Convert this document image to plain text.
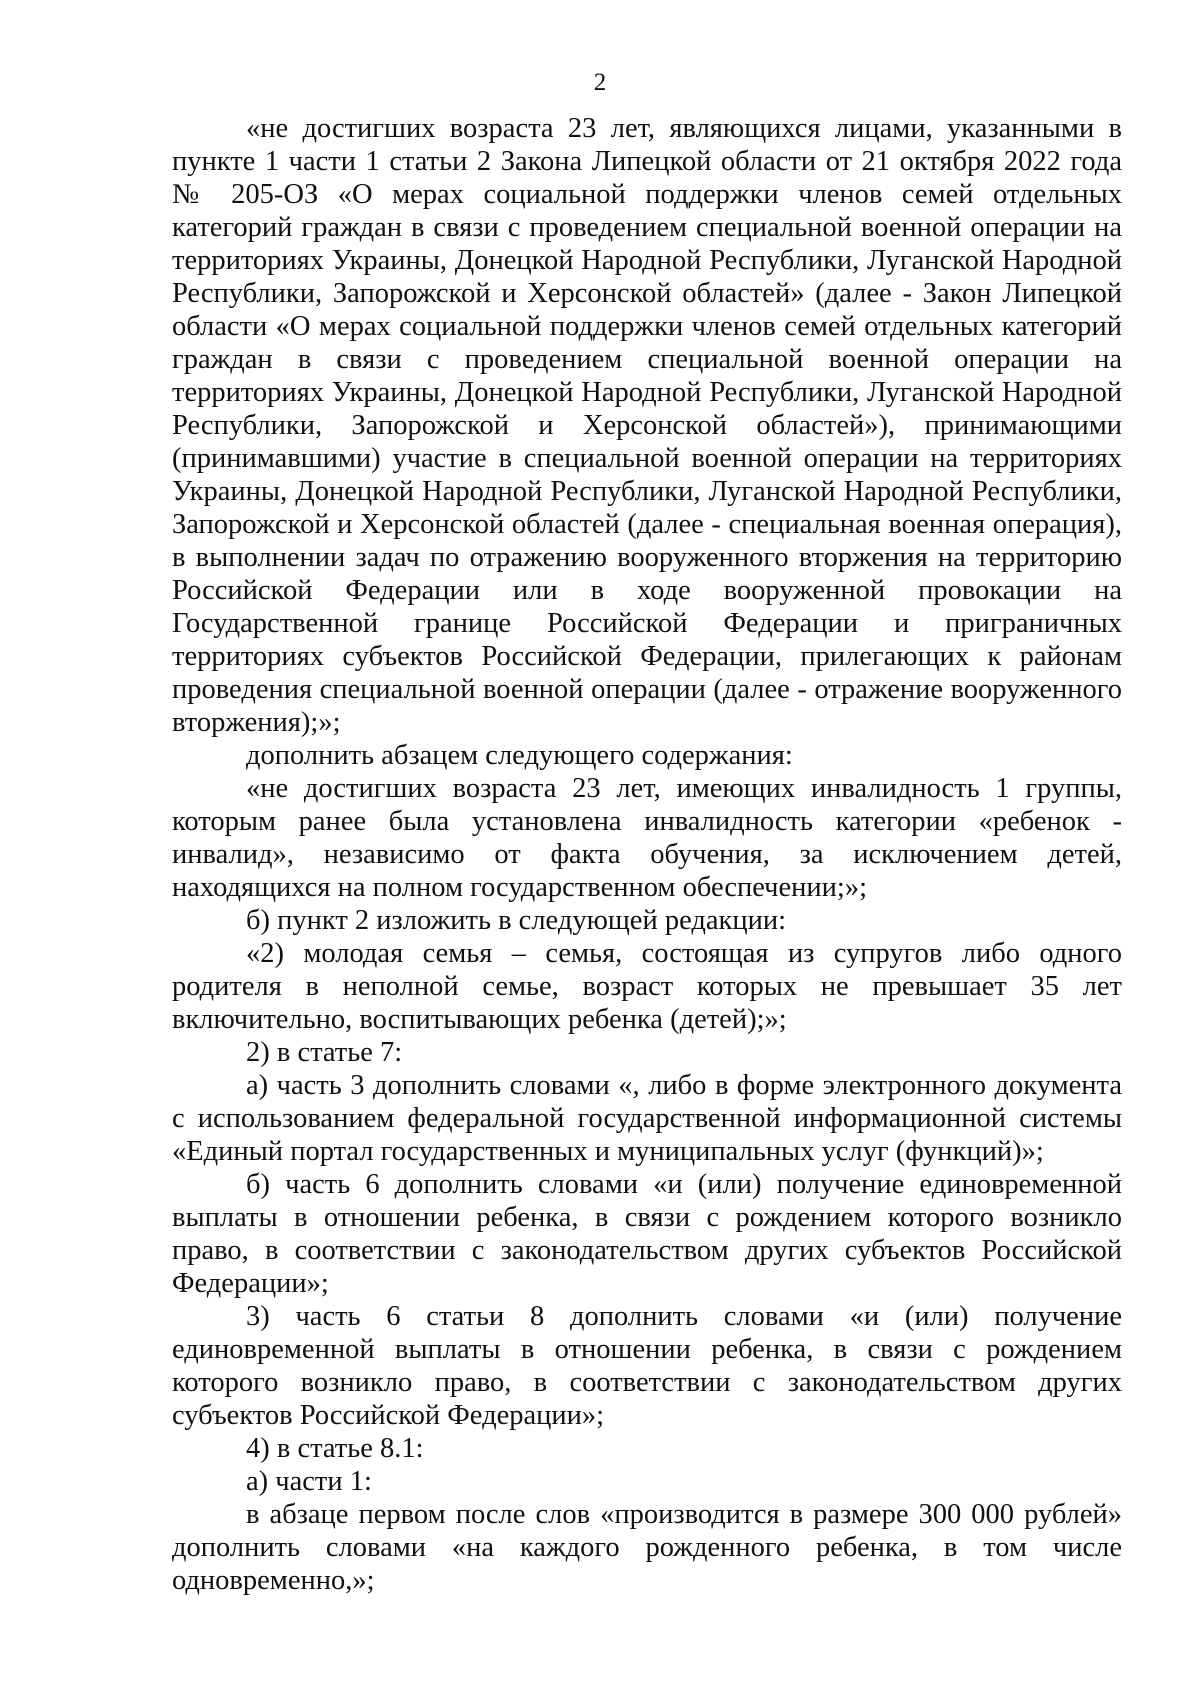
2

«не достигших возраста 23 лет, являющихся лицами, указанными в пункте 1 части 1 статьи 2 Закона Липецкой области от 21 октября 2022 года № 205-ОЗ «О мерах социальной поддержки членов семей отдельных категорий граждан в связи с проведением специальной военной операции на территориях Украины, Донецкой Народной Республики, Луганской Народной Республики, Запорожской и Херсонской областей» (далее - Закон Липецкой области «О мерах социальной поддержки членов семей отдельных категорий граждан в связи с проведением специальной военной операции на территориях Украины, Донецкой Народной Республики, Луганской Народной Республики, Запорожской и Херсонской областей»), принимающими (принимавшими) участие в специальной военной операции на территориях Украины, Донецкой Народной Республики, Луганской Народной Республики, Запорожской и Херсонской областей (далее - специальная военная операция), в выполнении задач по отражению вооруженного вторжения на территорию Российской Федерации или в ходе вооруженной провокации на Государственной границе Российской Федерации и приграничных территориях субъектов Российской Федерации, прилегающих к районам проведения специальной военной операции (далее - отражение вооруженного вторжения);»;

дополнить абзацем следующего содержания:

«не достигших возраста 23 лет, имеющих инвалидность 1 группы, которым ранее была установлена инвалидность категории «ребенок - инвалид», независимо от факта обучения, за исключением детей, находящихся на полном государственном обеспечении;»;

б) пункт 2 изложить в следующей редакции:

«2) молодая семья – семья, состоящая из супругов либо одного родителя в неполной семье, возраст которых не превышает 35 лет включительно, воспитывающих ребенка (детей);»;

2) в статье 7:

а) часть 3 дополнить словами «, либо в форме электронного документа с использованием федеральной государственной информационной системы «Единый портал государственных и муниципальных услуг (функций)»;

б) часть 6 дополнить словами «и (или) получение единовременной выплаты в отношении ребенка, в связи с рождением которого возникло право, в соответствии с законодательством других субъектов Российской Федерации»;

3) часть 6 статьи 8 дополнить словами «и (или) получение единовременной выплаты в отношении ребенка, в связи с рождением которого возникло право, в соответствии с законодательством других субъектов Российской Федерации»;

4) в статье 8.1:

а) части 1:

в абзаце первом после слов «производится в размере 300 000 рублей» дополнить словами «на каждого рожденного ребенка, в том числе одновременно,»;
